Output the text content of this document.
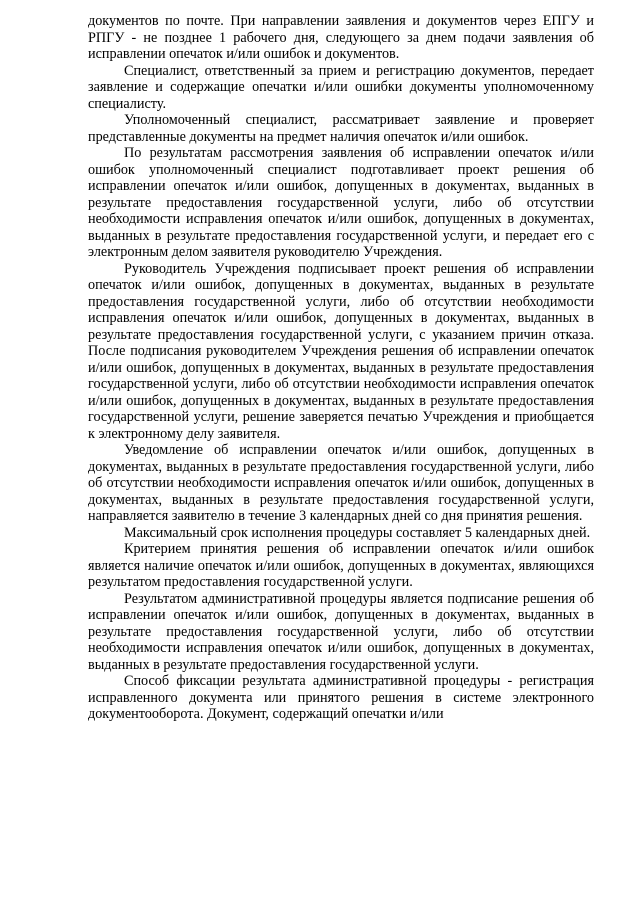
документов по почте. При направлении заявления и документов через ЕПГУ и РПГУ - не позднее 1 рабочего дня, следующего за днем подачи заявления об исправлении опечаток и/или ошибок и документов.

Специалист, ответственный за прием и регистрацию документов, передает заявление и содержащие опечатки и/или ошибки документы уполномоченному специалисту.

Уполномоченный специалист, рассматривает заявление и проверяет представленные документы на предмет наличия опечаток и/или ошибок.

По результатам рассмотрения заявления об исправлении опечаток и/или ошибок уполномоченный специалист подготавливает проект решения об исправлении опечаток и/или ошибок, допущенных в документах, выданных в результате предоставления государственной услуги, либо об отсутствии необходимости исправления опечаток и/или ошибок, допущенных в документах, выданных в результате предоставления государственной услуги, и передает его с электронным делом заявителя руководителю Учреждения.

Руководитель Учреждения подписывает проект решения об исправлении опечаток и/или ошибок, допущенных в документах, выданных в результате предоставления государственной услуги, либо об отсутствии необходимости исправления опечаток и/или ошибок, допущенных в документах, выданных в результате предоставления государственной услуги, с указанием причин отказа. После подписания руководителем Учреждения решения об исправлении опечаток и/или ошибок, допущенных в документах, выданных в результате предоставления государственной услуги, либо об отсутствии необходимости исправления опечаток и/или ошибок, допущенных в документах, выданных в результате предоставления государственной услуги, решение заверяется печатью Учреждения и приобщается к электронному делу заявителя.

Уведомление об исправлении опечаток и/или ошибок, допущенных в документах, выданных в результате предоставления государственной услуги, либо об отсутствии необходимости исправления опечаток и/или ошибок, допущенных в документах, выданных в результате предоставления государственной услуги, направляется заявителю в течение 3 календарных дней со дня принятия решения.

Максимальный срок исполнения процедуры составляет 5 календарных дней.

Критерием принятия решения об исправлении опечаток и/или ошибок является наличие опечаток и/или ошибок, допущенных в документах, являющихся результатом предоставления государственной услуги.

Результатом административной процедуры является подписание решения об исправлении опечаток и/или ошибок, допущенных в документах, выданных в результате предоставления государственной услуги, либо об отсутствии необходимости исправления опечаток и/или ошибок, допущенных в документах, выданных в результате предоставления государственной услуги.

Способ фиксации результата административной процедуры - регистрация исправленного документа или принятого решения в системе электронного документооборота. Документ, содержащий опечатки и/или
